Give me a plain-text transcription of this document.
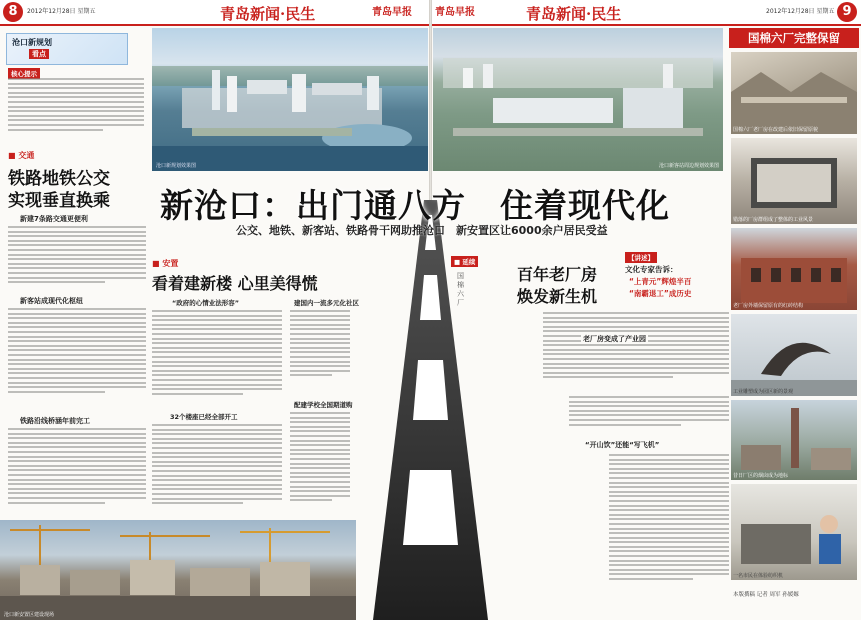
8	2012年12月28日 星期五	青岛新闻·民生	青岛早报
沧口新规划
看点
核心提示
沧口新规划效果图
■ 交通
铁路地铁公交
实现垂直换乘
新建7条路交通更便利
新客站成现代化枢纽
铁路沿线桥涵年前完工
■ 安置
看着建新楼 心里美得慌
“政府的心情业法形容”
32个楼座已经全部开工
建国内一流多元化社区
配建学校全国期道购
沧口新安置区建设现场
青岛早报	青岛新闻·民生	2012年12月28日 星期五 9
沧口新客站周边规划效果图
■ 延续
国棉六厂
百年老厂房
焕发新生机
老厂房变成了产业园
“开山饮”还能“写飞机”
【讲述】
文化专家告诉：
“上青元”辉煌半百
“南霸退工”成历史
国棉六厂完整保留
国棉六厂老厂房在改建后依旧保留原貌
错落的厂房群组成了整体的工业风景
老厂房外墙保留原有的红砖结构
工业雕塑成为园区新的景观
昔日厂区的烟囱成为地标
一名市民在体验纺织机
本版撰稿 记者 周军 孙媛嫄
新沧口：出门通八方　住着现代化
公交、地铁、新客站、铁路骨干网助推沧口　新安置区让6000余户居民受益
